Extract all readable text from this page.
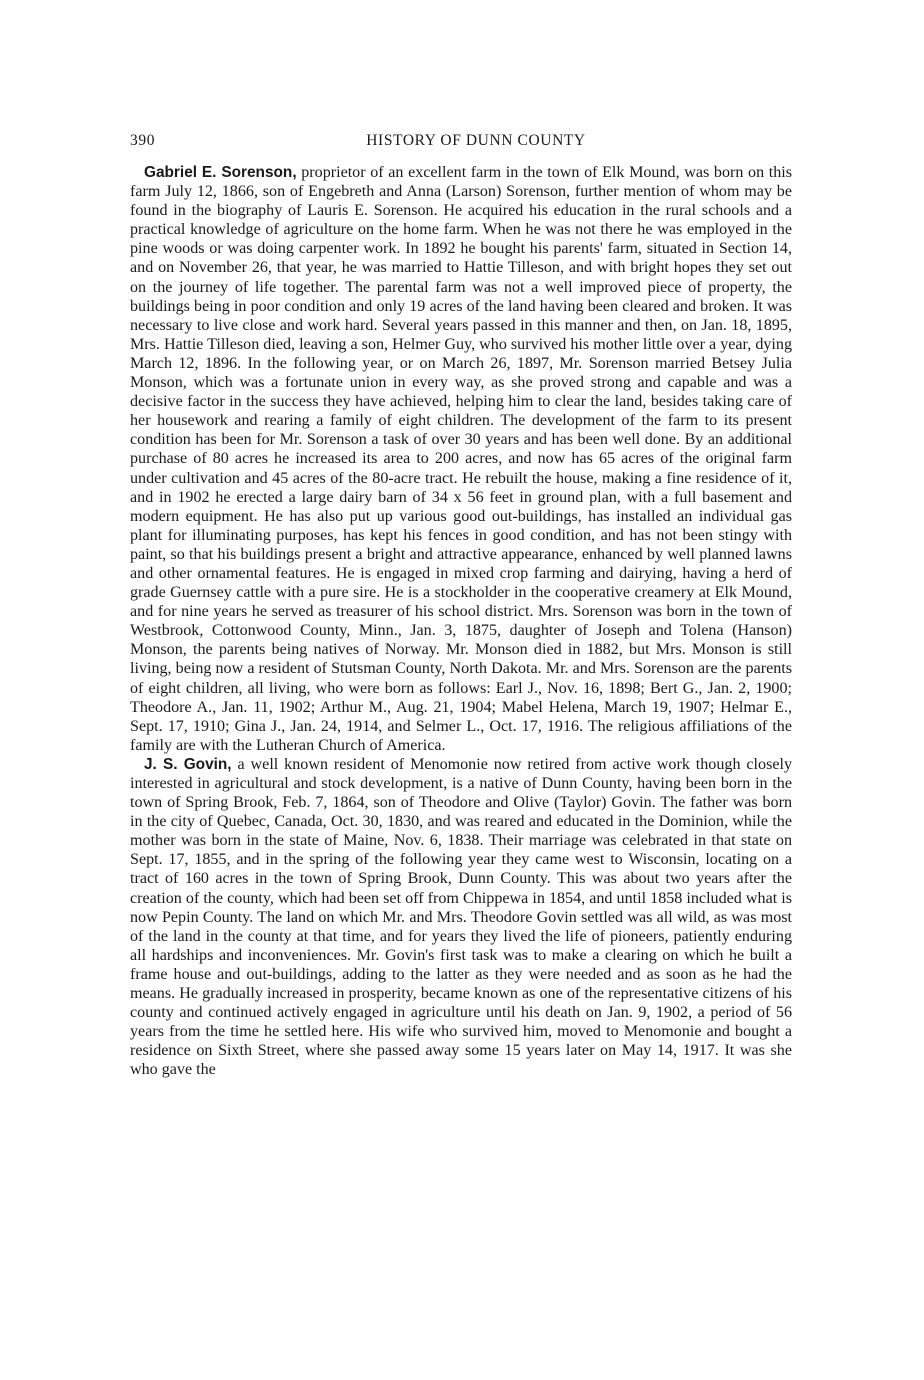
390	HISTORY OF DUNN COUNTY

Gabriel E. Sorenson, proprietor of an excellent farm in the town of Elk Mound, was born on this farm July 12, 1866, son of Engebreth and Anna (Larson) Sorenson, further mention of whom may be found in the biography of Lauris E. Sorenson. He acquired his education in the rural schools and a practical knowledge of agriculture on the home farm. When he was not there he was employed in the pine woods or was doing carpenter work. In 1892 he bought his parents' farm, situated in Section 14, and on November 26, that year, he was married to Hattie Tilleson, and with bright hopes they set out on the journey of life together. The parental farm was not a well improved piece of property, the buildings being in poor condition and only 19 acres of the land having been cleared and broken. It was necessary to live close and work hard. Several years passed in this manner and then, on Jan. 18, 1895, Mrs. Hattie Tilleson died, leaving a son, Helmer Guy, who survived his mother little over a year, dying March 12, 1896. In the following year, or on March 26, 1897, Mr. Sorenson married Betsey Julia Monson, which was a fortunate union in every way, as she proved strong and capable and was a decisive factor in the success they have achieved, helping him to clear the land, besides taking care of her housework and rearing a family of eight children. The development of the farm to its present condition has been for Mr. Sorenson a task of over 30 years and has been well done. By an additional purchase of 80 acres he increased its area to 200 acres, and now has 65 acres of the original farm under cultivation and 45 acres of the 80-acre tract. He rebuilt the house, making a fine residence of it, and in 1902 he erected a large dairy barn of 34 x 56 feet in ground plan, with a full basement and modern equipment. He has also put up various good out-buildings, has installed an individual gas plant for illuminating purposes, has kept his fences in good condition, and has not been stingy with paint, so that his buildings present a bright and attractive appearance, enhanced by well planned lawns and other ornamental features. He is engaged in mixed crop farming and dairying, having a herd of grade Guernsey cattle with a pure sire. He is a stockholder in the cooperative creamery at Elk Mound, and for nine years he served as treasurer of his school district. Mrs. Sorenson was born in the town of Westbrook, Cottonwood County, Minn., Jan. 3, 1875, daughter of Joseph and Tolena (Hanson) Monson, the parents being natives of Norway. Mr. Monson died in 1882, but Mrs. Monson is still living, being now a resident of Stutsman County, North Dakota. Mr. and Mrs. Sorenson are the parents of eight children, all living, who were born as follows: Earl J., Nov. 16, 1898; Bert G., Jan. 2, 1900; Theodore A., Jan. 11, 1902; Arthur M., Aug. 21, 1904; Mabel Helena, March 19, 1907; Helmar E., Sept. 17, 1910; Gina J., Jan. 24, 1914, and Selmer L., Oct. 17, 1916. The religious affiliations of the family are with the Lutheran Church of America.

J. S. Govin, a well known resident of Menomonie now retired from active work though closely interested in agricultural and stock development, is a native of Dunn County, having been born in the town of Spring Brook, Feb. 7, 1864, son of Theodore and Olive (Taylor) Govin. The father was born in the city of Quebec, Canada, Oct. 30, 1830, and was reared and educated in the Dominion, while the mother was born in the state of Maine, Nov. 6, 1838. Their marriage was celebrated in that state on Sept. 17, 1855, and in the spring of the following year they came west to Wisconsin, locating on a tract of 160 acres in the town of Spring Brook, Dunn County. This was about two years after the creation of the county, which had been set off from Chippewa in 1854, and until 1858 included what is now Pepin County. The land on which Mr. and Mrs. Theodore Govin settled was all wild, as was most of the land in the county at that time, and for years they lived the life of pioneers, patiently enduring all hardships and inconveniences. Mr. Govin's first task was to make a clearing on which he built a frame house and out-buildings, adding to the latter as they were needed and as soon as he had the means. He gradually increased in prosperity, became known as one of the representative citizens of his county and continued actively engaged in agriculture until his death on Jan. 9, 1902, a period of 56 years from the time he settled here. His wife who survived him, moved to Menomonie and bought a residence on Sixth Street, where she passed away some 15 years later on May 14, 1917. It was she who gave the
